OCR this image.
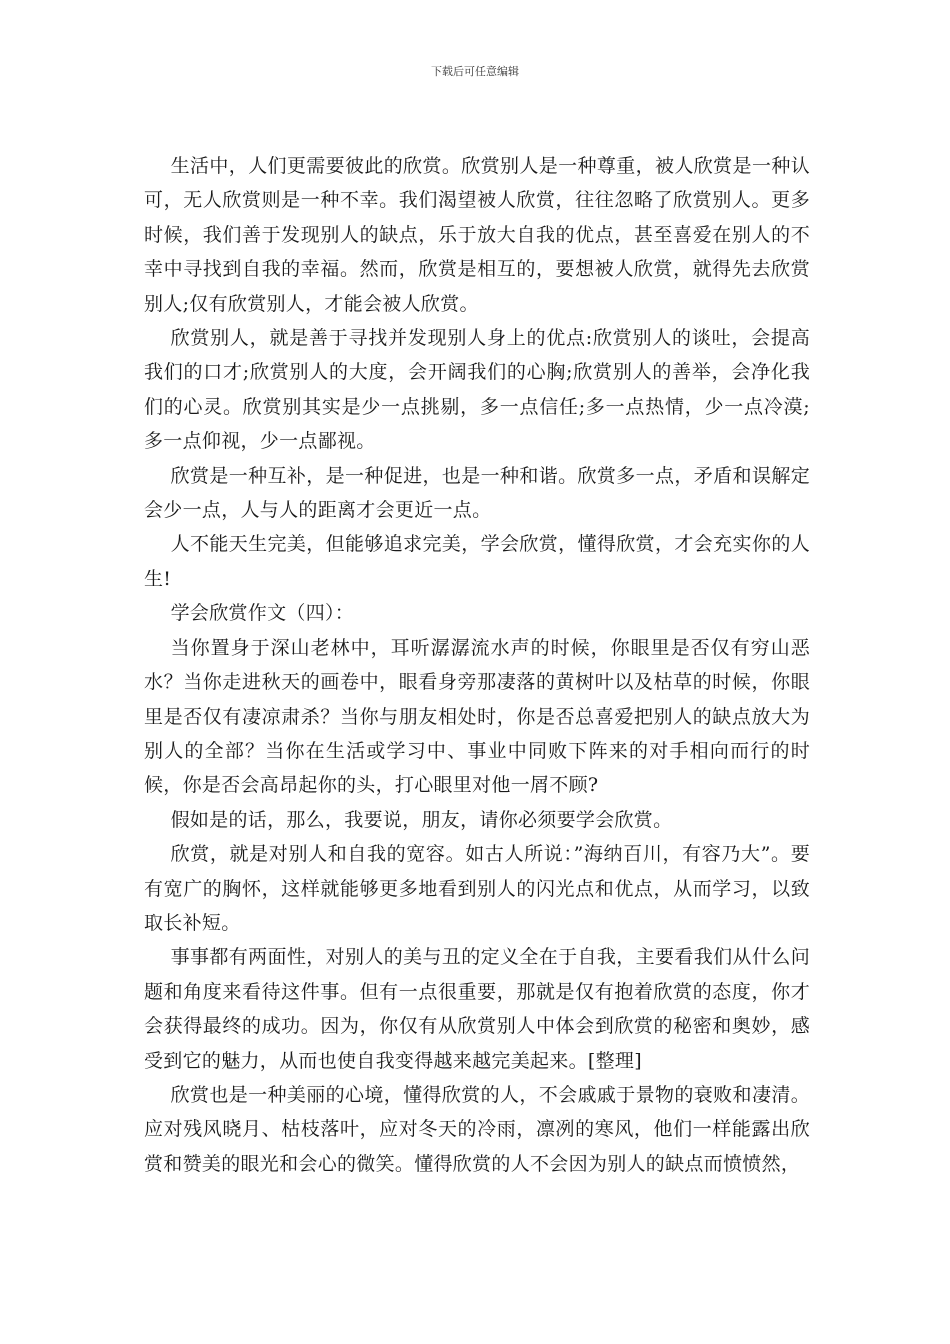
下载后可任意编辑

生活中，人们更需要彼此的欣赏。欣赏别人是一种尊重，被人欣赏是一种认可，无人欣赏则是一种不幸。我们渴望被人欣赏，往往忽略了欣赏别人。更多时候，我们善于发现别人的缺点，乐于放大自我的优点，甚至喜爱在别人的不幸中寻找到自我的幸福。然而，欣赏是相互的，要想被人欣赏，就得先去欣赏别人;仅有欣赏别人，才能会被人欣赏。

欣赏别人，就是善于寻找并发现别人身上的优点:欣赏别人的谈吐，会提高我们的口才;欣赏别人的大度，会开阔我们的心胸;欣赏别人的善举，会净化我们的心灵。欣赏别其实是少一点挑剔，多一点信任;多一点热情，少一点冷漠;多一点仰视，少一点鄙视。

欣赏是一种互补，是一种促进，也是一种和谐。欣赏多一点，矛盾和误解定会少一点，人与人的距离才会更近一点。

人不能天生完美，但能够追求完美，学会欣赏，懂得欣赏，才会充实你的人生!

学会欣赏作文（四）：

当你置身于深山老林中，耳听潺潺流水声的时候，你眼里是否仅有穷山恶水？当你走进秋天的画卷中，眼看身旁那凄落的黄树叶以及枯草的时候，你眼里是否仅有凄凉肃杀？当你与朋友相处时，你是否总喜爱把别人的缺点放大为别人的全部？当你在生活或学习中、事业中同败下阵来的对手相向而行的时候，你是否会高昂起你的头，打心眼里对他一屑不顾?

假如是的话，那么，我要说，朋友，请你必须要学会欣赏。

欣赏，就是对别人和自我的宽容。如古人所说：”海纳百川，有容乃大”。要有宽广的胸怀，这样就能够更多地看到别人的闪光点和优点，从而学习，以致取长补短。

事事都有两面性，对别人的美与丑的定义全在于自我，主要看我们从什么问题和角度来看待这件事。但有一点很重要，那就是仅有抱着欣赏的态度，你才会获得最终的成功。因为，你仅有从欣赏别人中体会到欣赏的秘密和奥妙，感受到它的魅力，从而也使自我变得越来越完美起来。[整理]

欣赏也是一种美丽的心境，懂得欣赏的人，不会戚戚于景物的衰败和凄清。应对残风晓月、枯枝落叶，应对冬天的冷雨，凛冽的寒风，他们一样能露出欣赏和赞美的眼光和会心的微笑。懂得欣赏的人不会因为别人的缺点而愤愤然，
